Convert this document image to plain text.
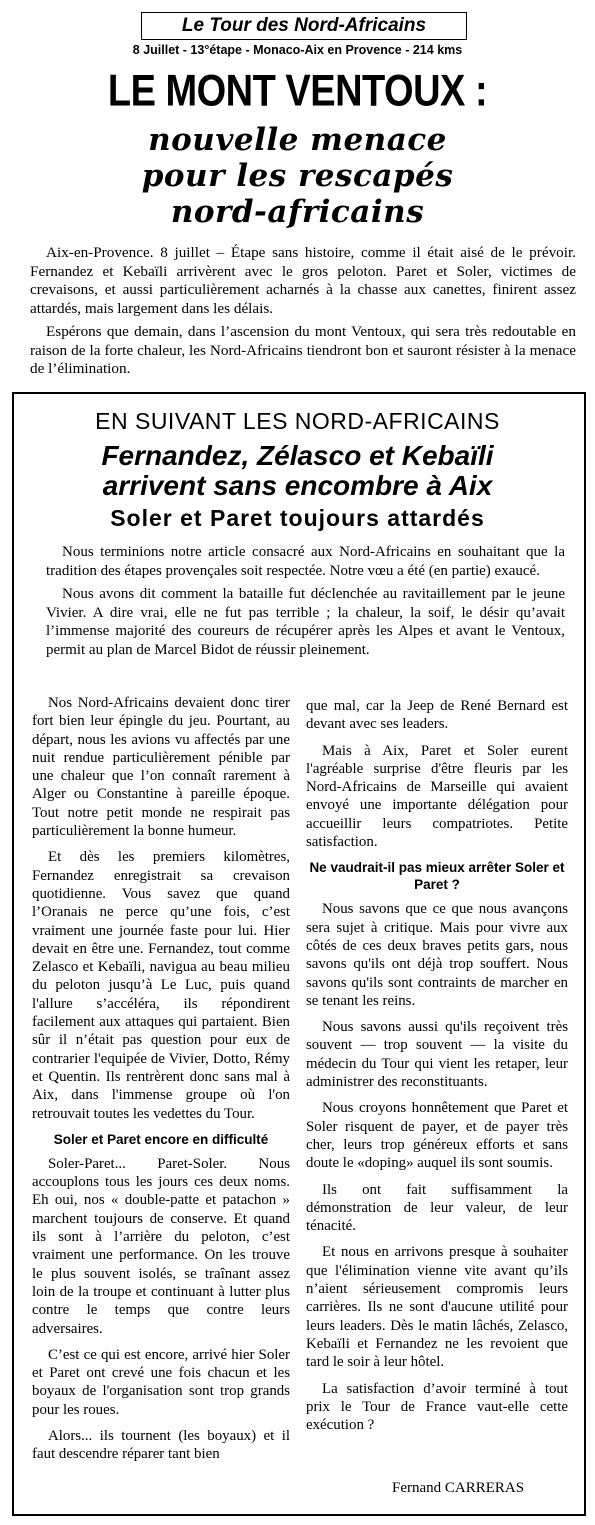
Le Tour des Nord-Africains
8 Juillet - 13°étape - Monaco-Aix en Provence - 214 kms
LE MONT VENTOUX :
nouvelle menace
pour les rescapés
nord-africains

Aix-en-Provence. 8 juillet – Étape sans histoire, comme il était aisé de le prévoir. Fernandez et Kebaïli arrivèrent avec le gros peloton. Paret et Soler, victimes de crevaisons, et aussi particulièrement acharnés à la chasse aux canettes, finirent assez attardés, mais largement dans les délais.

Espérons que demain, dans l’ascension du mont Ventoux, qui sera très redoutable en raison de la forte chaleur, les Nord-Africains tiendront bon et sauront résister à la menace de l’élimination.

EN SUIVANT LES NORD-AFRICAINS
Fernandez, Zélasco et Kebaïli
arrivent sans encombre à Aix
Soler et Paret toujours attardés

Nous terminions notre article consacré aux Nord-Africains en souhaitant que la tradition des étapes provençales soit respectée. Notre vœu a été (en partie) exaucé.

Nous avons dit comment la bataille fut déclenchée au ravitaillement par le jeune Vivier. A dire vrai, elle ne fut pas terrible ; la chaleur, la soif, le désir qu’avait l’immense majorité des coureurs de récupérer après les Alpes et avant le Ventoux, permit au plan de Marcel Bidot de réussir pleinement.

Nos Nord-Africains devaient donc tirer fort bien leur épingle du jeu. Pourtant, au départ, nous les avions vu affectés par une nuit rendue particulièrement pénible par une chaleur que l’on connaît rarement à Alger ou Constantine à pareille époque. Tout notre petit monde ne respirait pas particulièrement la bonne humeur.

Et dès les premiers kilomètres, Fernandez enregistrait sa crevaison quotidienne. Vous savez que quand l’Oranais ne perce qu’une fois, c’est vraiment une journée faste pour lui. Hier devait en être une. Fernandez, tout comme Zelasco et Kebaïli, navigua au beau milieu du peloton jusqu’à Le Luc, puis quand l'allure s’accéléra, ils répondirent facilement aux attaques qui partaient. Bien sûr il n’était pas question pour eux de contrarier l'equipée de Vivier, Dotto, Rémy et Quentin. Ils rentrèrent donc sans mal à Aix, dans l'immense groupe où l'on retrouvait toutes les vedettes du Tour.

Soler et Paret encore en difficulté

Soler-Paret... Paret-Soler. Nous accouplons tous les jours ces deux noms. Eh oui, nos « double-patte et patachon » marchent toujours de conserve. Et quand ils sont à l’arrière du peloton, c’est vraiment une performance. On les trouve le plus souvent isolés, se traînant assez loin de la troupe et continuant à lutter plus contre le temps que contre leurs adversaires.

C’est ce qui est encore, arrivé hier Soler et Paret ont crevé une fois chacun et les boyaux de l'organisation sont trop grands pour les roues.

Alors... ils tournent (les boyaux) et il faut descendre réparer tant bien

que mal, car la Jeep de René Bernard est devant avec ses leaders.

Mais à Aix, Paret et Soler eurent l'agréable surprise d'être fleuris par les Nord-Africains de Marseille qui avaient envoyé une importante délégation pour accueillir leurs compatriotes. Petite satisfaction.

Ne vaudrait-il pas mieux arrêter Soler et Paret ?

Nous savons que ce que nous avançons sera sujet à critique. Mais pour vivre aux côtés de ces deux braves petits gars, nous savons qu'ils ont déjà trop souffert. Nous savons qu'ils sont contraints de marcher en se tenant les reins.

Nous savons aussi qu'ils reçoivent très souvent — trop souvent — la visite du médecin du Tour qui vient les retaper, leur administrer des reconstituants.

Nous croyons honnêtement que Paret et Soler risquent de payer, et de payer très cher, leurs trop généreux efforts et sans doute le «doping» auquel ils sont soumis.

Ils ont fait suffisamment la démonstration de leur valeur, de leur ténacité.

Et nous en arrivons presque à souhaiter que l'élimination vienne vite avant qu’ils n’aient sérieusement compromis leurs carrières. Ils ne sont d'aucune utilité pour leurs leaders. Dès le matin lâchés, Zelasco, Kebaïli et Fernandez ne les revoient que tard le soir à leur hôtel.

La satisfaction d’avoir terminé à tout prix le Tour de France vaut-elle cette exécution ?

Fernand CARRERAS
